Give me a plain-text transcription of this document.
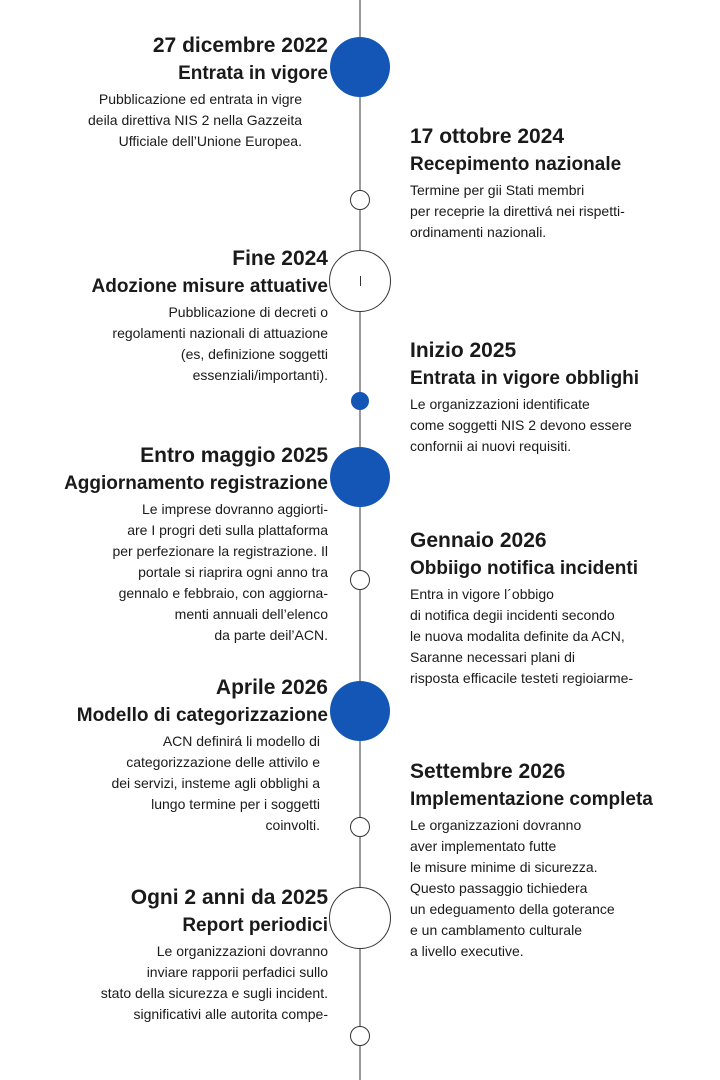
27 dicembre 2022
Entrata in vigore
Pubblicazione ed entrata in vigre
deila direttiva NIS 2 nella Gazzeita
Ufficiale dell’Unione Europea.	17 ottobre 2024
Recepimento nazionale
Termine per gii Stati membri
per receprie la direttivá nei rispetti-
ordinamenti nazionali.
Fine 2024
Adozione misure attuative
Pubblicazione di decreti o
regolamenti nazionali di attuazione
(es, definizione soggetti
essenziali/importanti).
Inizio 2025
Entrata in vigore obblighi
Le organizzazioni identificate
come soggetti NIS 2 devono essere
confornii ai nuovi requisiti.
Entro maggio 2025
Aggiornamento registrazione
Le imprese dovranno aggiorti-
are I progri deti sulla plattaforma
per perfezionare la registrazione. Il
portale si riaprira ogni anno tra
gennalo e febbraio, con aggiorna-
menti annuali dell’elenco
da parte deil’ACN.
Gennaio 2026
Obbiigo notifica incidenti
Entra in vigore l´obbigo
di notifica degii incidenti secondo
le nuova modalita definite da ACN,
Saranne necessari plani di
risposta efficacile testeti regioiarme-
Aprile 2026
Modello di categorizzazione
ACN definirá li modello di
categorizzazione delle attivilo e
dei servizi, insteme agli obblighi a
lungo termine per i soggetti
coinvolti.
Settembre 2026
Implementazione completa
Le organizzazioni dovranno
aver implementato futte
le misure minime di sicurezza.
Questo passaggio tichiedera
un edeguamento della goterance
e un camblamento culturale
a livello executive.
Ogni 2 anni da 2025
Report periodici
Le organizzazioni dovranno
inviare rapporii perfadici sullo
stato della sicurezza e sugli incident.
significativi alle autorita compe-
